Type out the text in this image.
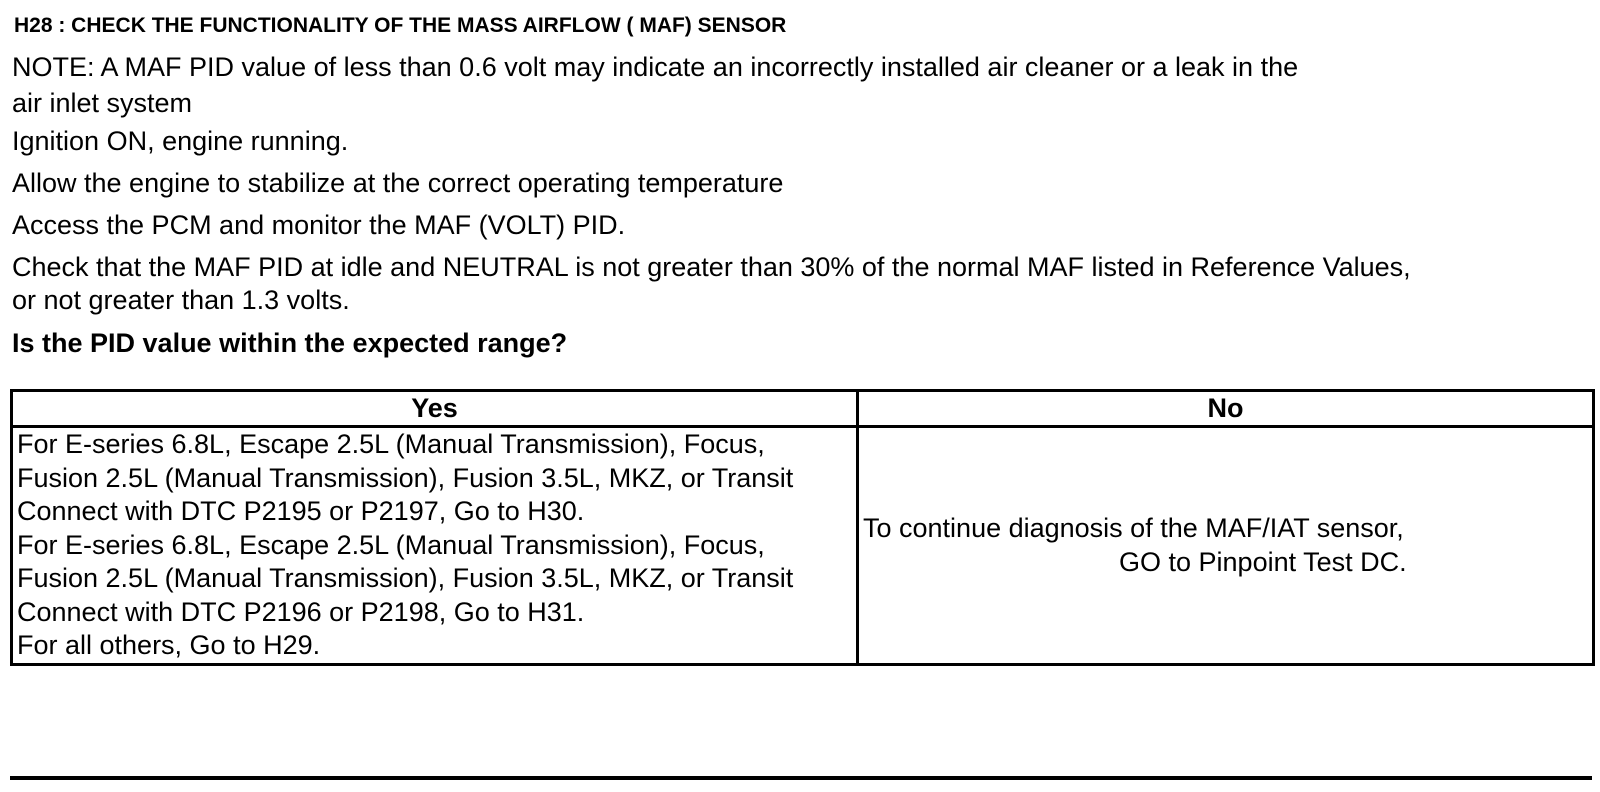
H28 : CHECK THE FUNCTIONALITY OF THE MASS AIRFLOW ( MAF) SENSOR
NOTE: A MAF PID value of less than 0.6 volt may indicate an incorrectly installed air cleaner or a leak in the
air inlet system
Ignition ON, engine running.
Allow the engine to stabilize at the correct operating temperature
Access the PCM and monitor the MAF (VOLT) PID.
Check that the MAF PID at idle and NEUTRAL is not greater than 30% of the normal MAF listed in Reference Values,
or not greater than 1.3 volts.
Is the PID value within the expected range?
Yes	No

For E-series 6.8L, Escape 2.5L (Manual Transmission), Focus, Fusion 2.5L (Manual Transmission), Fusion 3.5L, MKZ, or Transit Connect with DTC P2195 or P2197, Go to H30.
For E-series 6.8L, Escape 2.5L (Manual Transmission), Focus, Fusion 2.5L (Manual Transmission), Fusion 3.5L, MKZ, or Transit Connect with DTC P2196 or P2198, Go to H31.
For all others, Go to H29.	To continue diagnosis of the MAF/IAT sensor,
GO to Pinpoint Test DC.
